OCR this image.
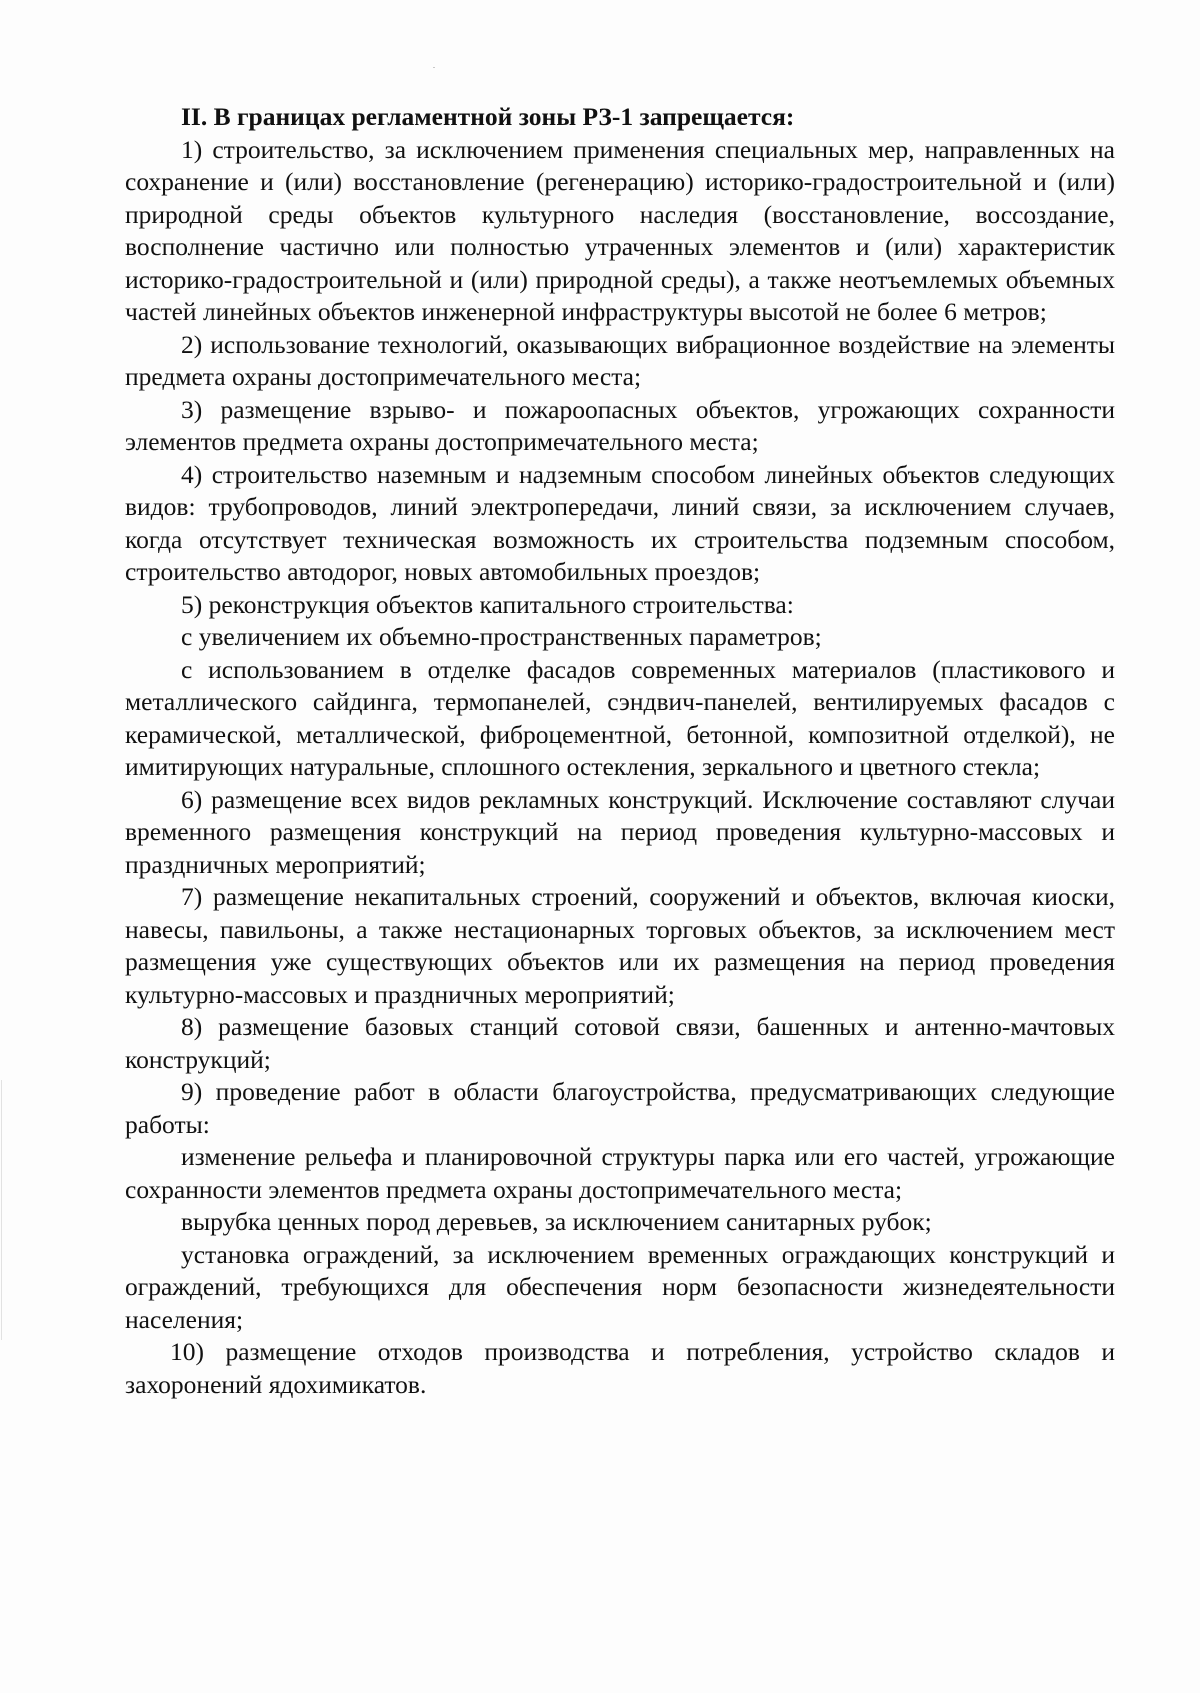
II. В границах регламентной зоны РЗ-1 запрещается:

1) строительство, за исключением применения специальных мер, направленных на сохранение и (или) восстановление (регенерацию) историко-градостроительной и (или) природной среды объектов культурного наследия (восстановление, воссоздание, восполнение частично или полностью утраченных элементов и (или) характеристик историко-градостроительной и (или) природной среды), а также неотъемлемых объемных частей линейных объектов инженерной инфраструктуры высотой не более 6 метров;

2) использование технологий, оказывающих вибрационное воздействие на элементы предмета охраны достопримечательного места;

3) размещение взрыво- и пожароопасных объектов, угрожающих сохранности элементов предмета охраны достопримечательного места;

4) строительство наземным и надземным способом линейных объектов следующих видов: трубопроводов, линий электропередачи, линий связи, за исключением случаев, когда отсутствует техническая возможность их строительства подземным способом, строительство автодорог, новых автомобильных проездов;

5) реконструкция объектов капитального строительства:

с увеличением их объемно-пространственных параметров;

с использованием в отделке фасадов современных материалов (пластикового и металлического сайдинга, термопанелей, сэндвич-панелей, вентилируемых фасадов с керамической, металлической, фиброцементной, бетонной, композитной отделкой), не имитирующих натуральные, сплошного остекления, зеркального и цветного стекла;

6) размещение всех видов рекламных конструкций. Исключение составляют случаи временного размещения конструкций на период проведения культурно-массовых и праздничных мероприятий;

7) размещение некапитальных строений, сооружений и объектов, включая киоски, навесы, павильоны, а также нестационарных торговых объектов, за исключением мест размещения уже существующих объектов или их размещения на период проведения культурно-массовых и праздничных мероприятий;

8) размещение базовых станций сотовой связи, башенных и антенно-мачтовых конструкций;

9) проведение работ в области благоустройства, предусматривающих следующие работы:

изменение рельефа и планировочной структуры парка или его частей, угрожающие сохранности элементов предмета охраны достопримечательного места;

вырубка ценных пород деревьев, за исключением санитарных рубок;

установка ограждений, за исключением временных ограждающих конструкций и ограждений, требующихся для обеспечения норм безопасности жизнедеятельности населения;

10) размещение отходов производства и потребления, устройство складов и захоронений ядохимикатов.
